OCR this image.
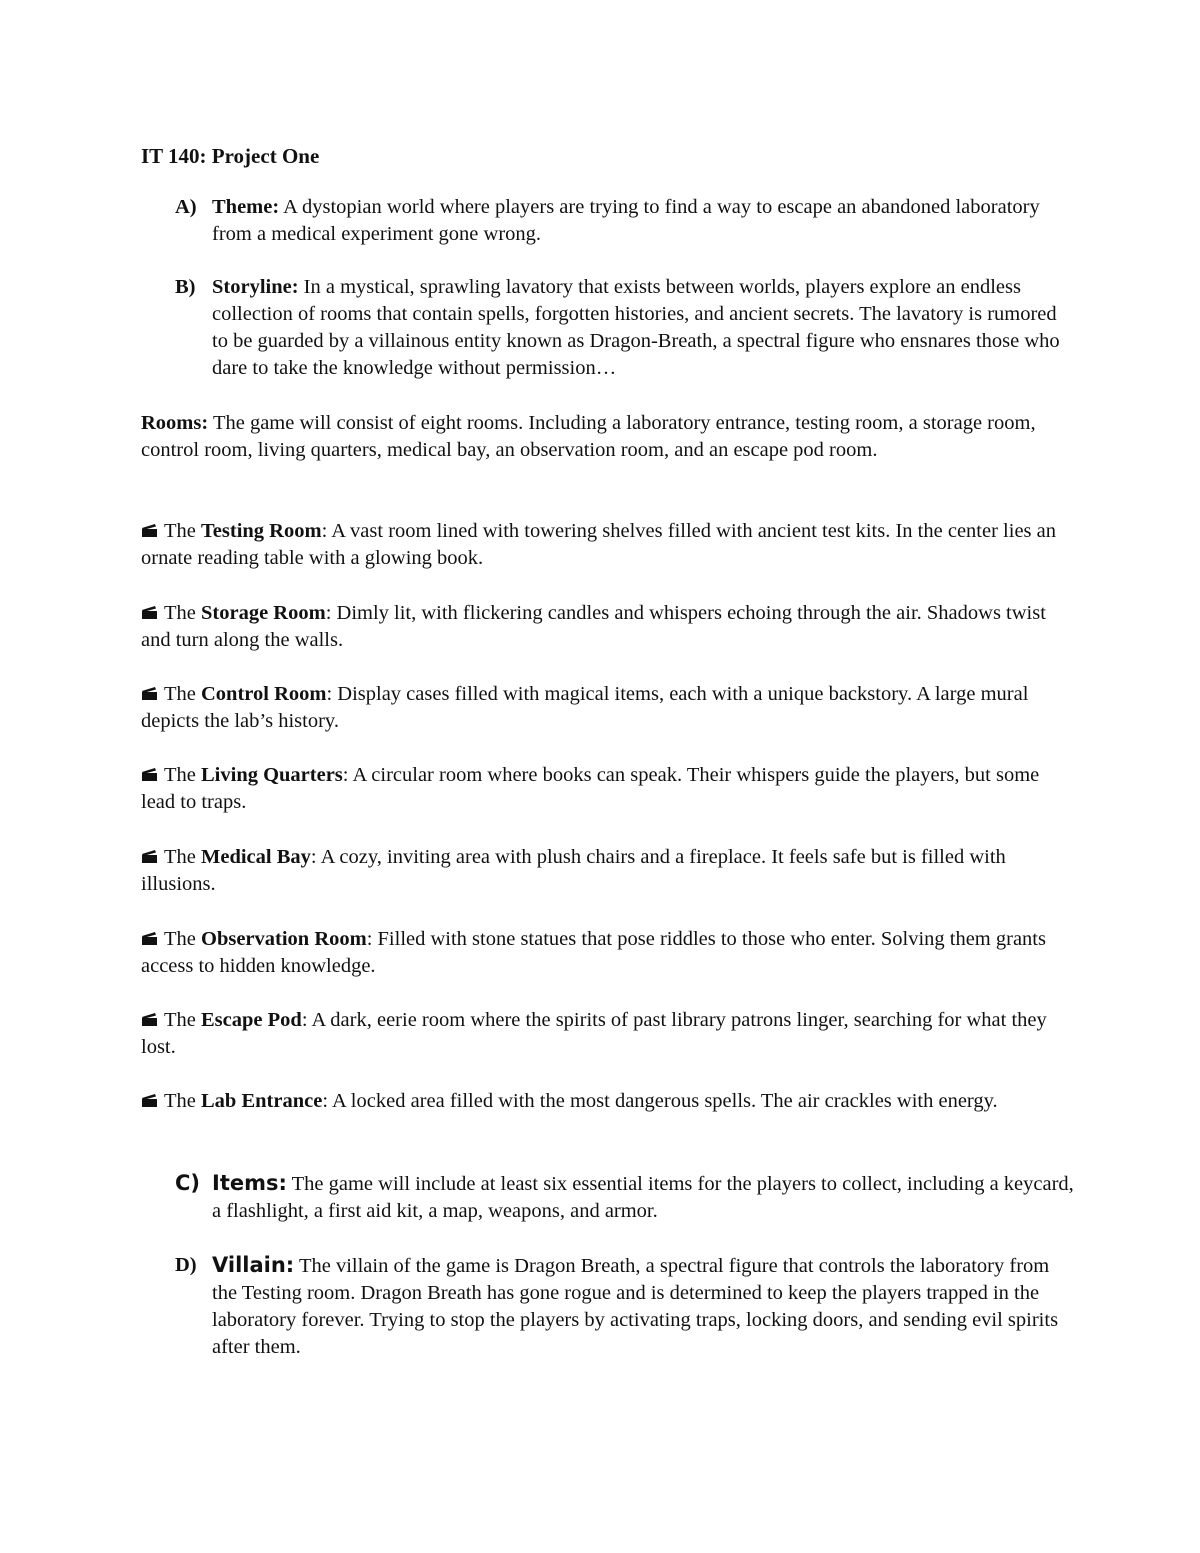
IT 140: Project One
A) Theme: A dystopian world where players are trying to find a way to escape an abandoned laboratory from a medical experiment gone wrong.
B) Storyline: In a mystical, sprawling lavatory that exists between worlds, players explore an endless collection of rooms that contain spells, forgotten histories, and ancient secrets. The lavatory is rumored to be guarded by a villainous entity known as Dragon-Breath, a spectral figure who ensnares those who dare to take the knowledge without permission…
Rooms: The game will consist of eight rooms. Including a laboratory entrance, testing room, a storage room, control room, living quarters, medical bay, an observation room, and an escape pod room.
The Testing Room: A vast room lined with towering shelves filled with ancient test kits. In the center lies an ornate reading table with a glowing book.
The Storage Room: Dimly lit, with flickering candles and whispers echoing through the air. Shadows twist and turn along the walls.
The Control Room: Display cases filled with magical items, each with a unique backstory. A large mural depicts the lab’s history.
The Living Quarters: A circular room where books can speak. Their whispers guide the players, but some lead to traps.
The Medical Bay: A cozy, inviting area with plush chairs and a fireplace. It feels safe but is filled with illusions.
The Observation Room: Filled with stone statues that pose riddles to those who enter. Solving them grants access to hidden knowledge.
The Escape Pod: A dark, eerie room where the spirits of past library patrons linger, searching for what they lost.
The Lab Entrance: A locked area filled with the most dangerous spells. The air crackles with energy.
C) Items: The game will include at least six essential items for the players to collect, including a keycard, a flashlight, a first aid kit, a map, weapons, and armor.
D) Villain: The villain of the game is Dragon Breath, a spectral figure that controls the laboratory from the Testing room. Dragon Breath has gone rogue and is determined to keep the players trapped in the laboratory forever. Trying to stop the players by activating traps, locking doors, and sending evil spirits after them.
